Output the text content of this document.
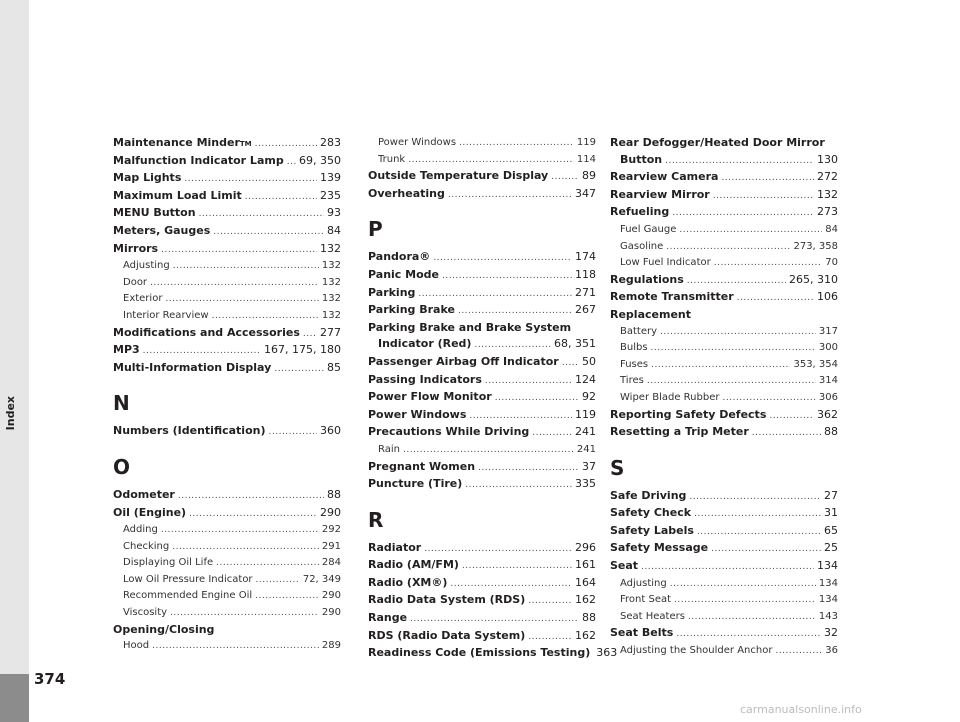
Index
374
Maintenance Minder TM .....	283
Malfunction Indicator Lamp ..... 69, 350
Map Lights .....	139
Maximum Load Limit .....	235
MENU Button .....	93
Meters, Gauges .....	84
Mirrors .....	132
Adjusting .....	132
Door .....	132
Exterior .....	132
Interior Rearview .....	132
Modifications and Accessories ..... 277
MP3 .....	167, 175, 180
Multi-Information Display .....	85
N
Numbers (Identification) .....	360
O
Odometer .....	88
Oil (Engine) .....	290
Adding .....	292
Checking .....	291
Displaying Oil Life .....	284
Low Oil Pressure Indicator .....	72, 349
Recommended Engine Oil .....	290
Viscosity .....	290
Opening/Closing
Hood .....	289
Power Windows .....	119
Trunk .....	114
Outside Temperature Display .....	89
Overheating .....	347
P
Pandora® .....	174
Panic Mode .....	118
Parking .....	271
Parking Brake .....	267
Parking Brake and Brake System
Indicator (Red) .....	68, 351
Passenger Airbag Off Indicator ..... 50
Passing Indicators .....	124
Power Flow Monitor .....	92
Power Windows .....	119
Precautions While Driving .....	241
Rain .....	241
Pregnant Women .....	37
Puncture (Tire) .....	335
R
Radiator .....	296
Radio (AM/FM) .....	161
Radio (XM®) .....	164
Radio Data System (RDS) .....	162
Range .....	88
RDS (Radio Data System) .....	162
Readiness Code (Emissions Testing) 363
Rear Defogger/Heated Door Mirror
Button .....	130
Rearview Camera .....	272
Rearview Mirror .....	132
Refueling .....	273
Fuel Gauge .....	84
Gasoline .....	273, 358
Low Fuel Indicator .....	70
Regulations .....	265, 310
Remote Transmitter .....	106
Replacement
Battery .....	317
Bulbs .....	300
Fuses .....	353, 354
Tires .....	314
Wiper Blade Rubber .....	306
Reporting Safety Defects .....	362
Resetting a Trip Meter .....	88
S
Safe Driving .....	27
Safety Check .....	31
Safety Labels .....	65
Safety Message .....	25
Seat .....	134
Adjusting .....	134
Front Seat .....	134
Seat Heaters .....	143
Seat Belts .....	32
Adjusting the Shoulder Anchor .....	36
carmanualsonline.info
